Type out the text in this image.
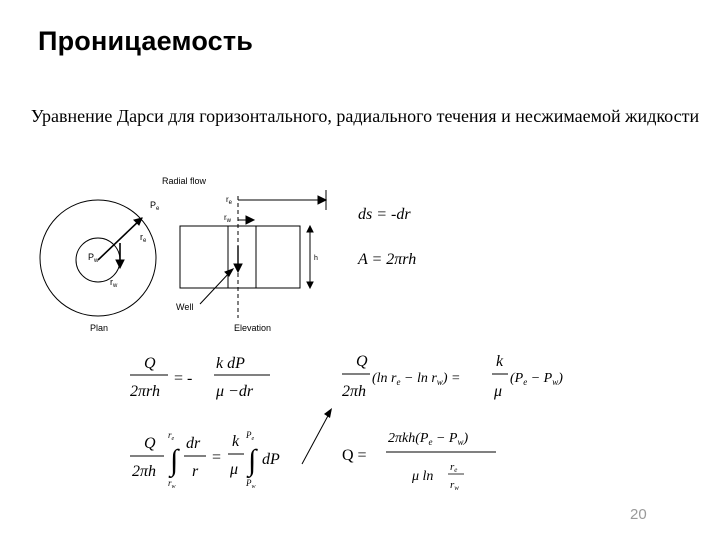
Проницаемость
Уравнение Дарси для горизонтального, радиального течения и несжимаемой жидкости
$P_e$
$r_e$
$P_w$
$r_w$
Plan
Radial flow
$r_e$
$r_w$
h
Well
Elevation
ds = -dr
A = 2πrh
Q
2πrh
= -
k dP
μ −dr
Q
2πh
(ln $r_e - \ln r_w$) =
k
μ
$(P_e - P_w)$
Q
2πh
$r_e$
∫
$r_w$
dr
r
=
k
μ
$P_e$
∫
$P_w$
dP	Q =
$2\pi kh(P_e - P_w)$
μ ln
re
rw
20
